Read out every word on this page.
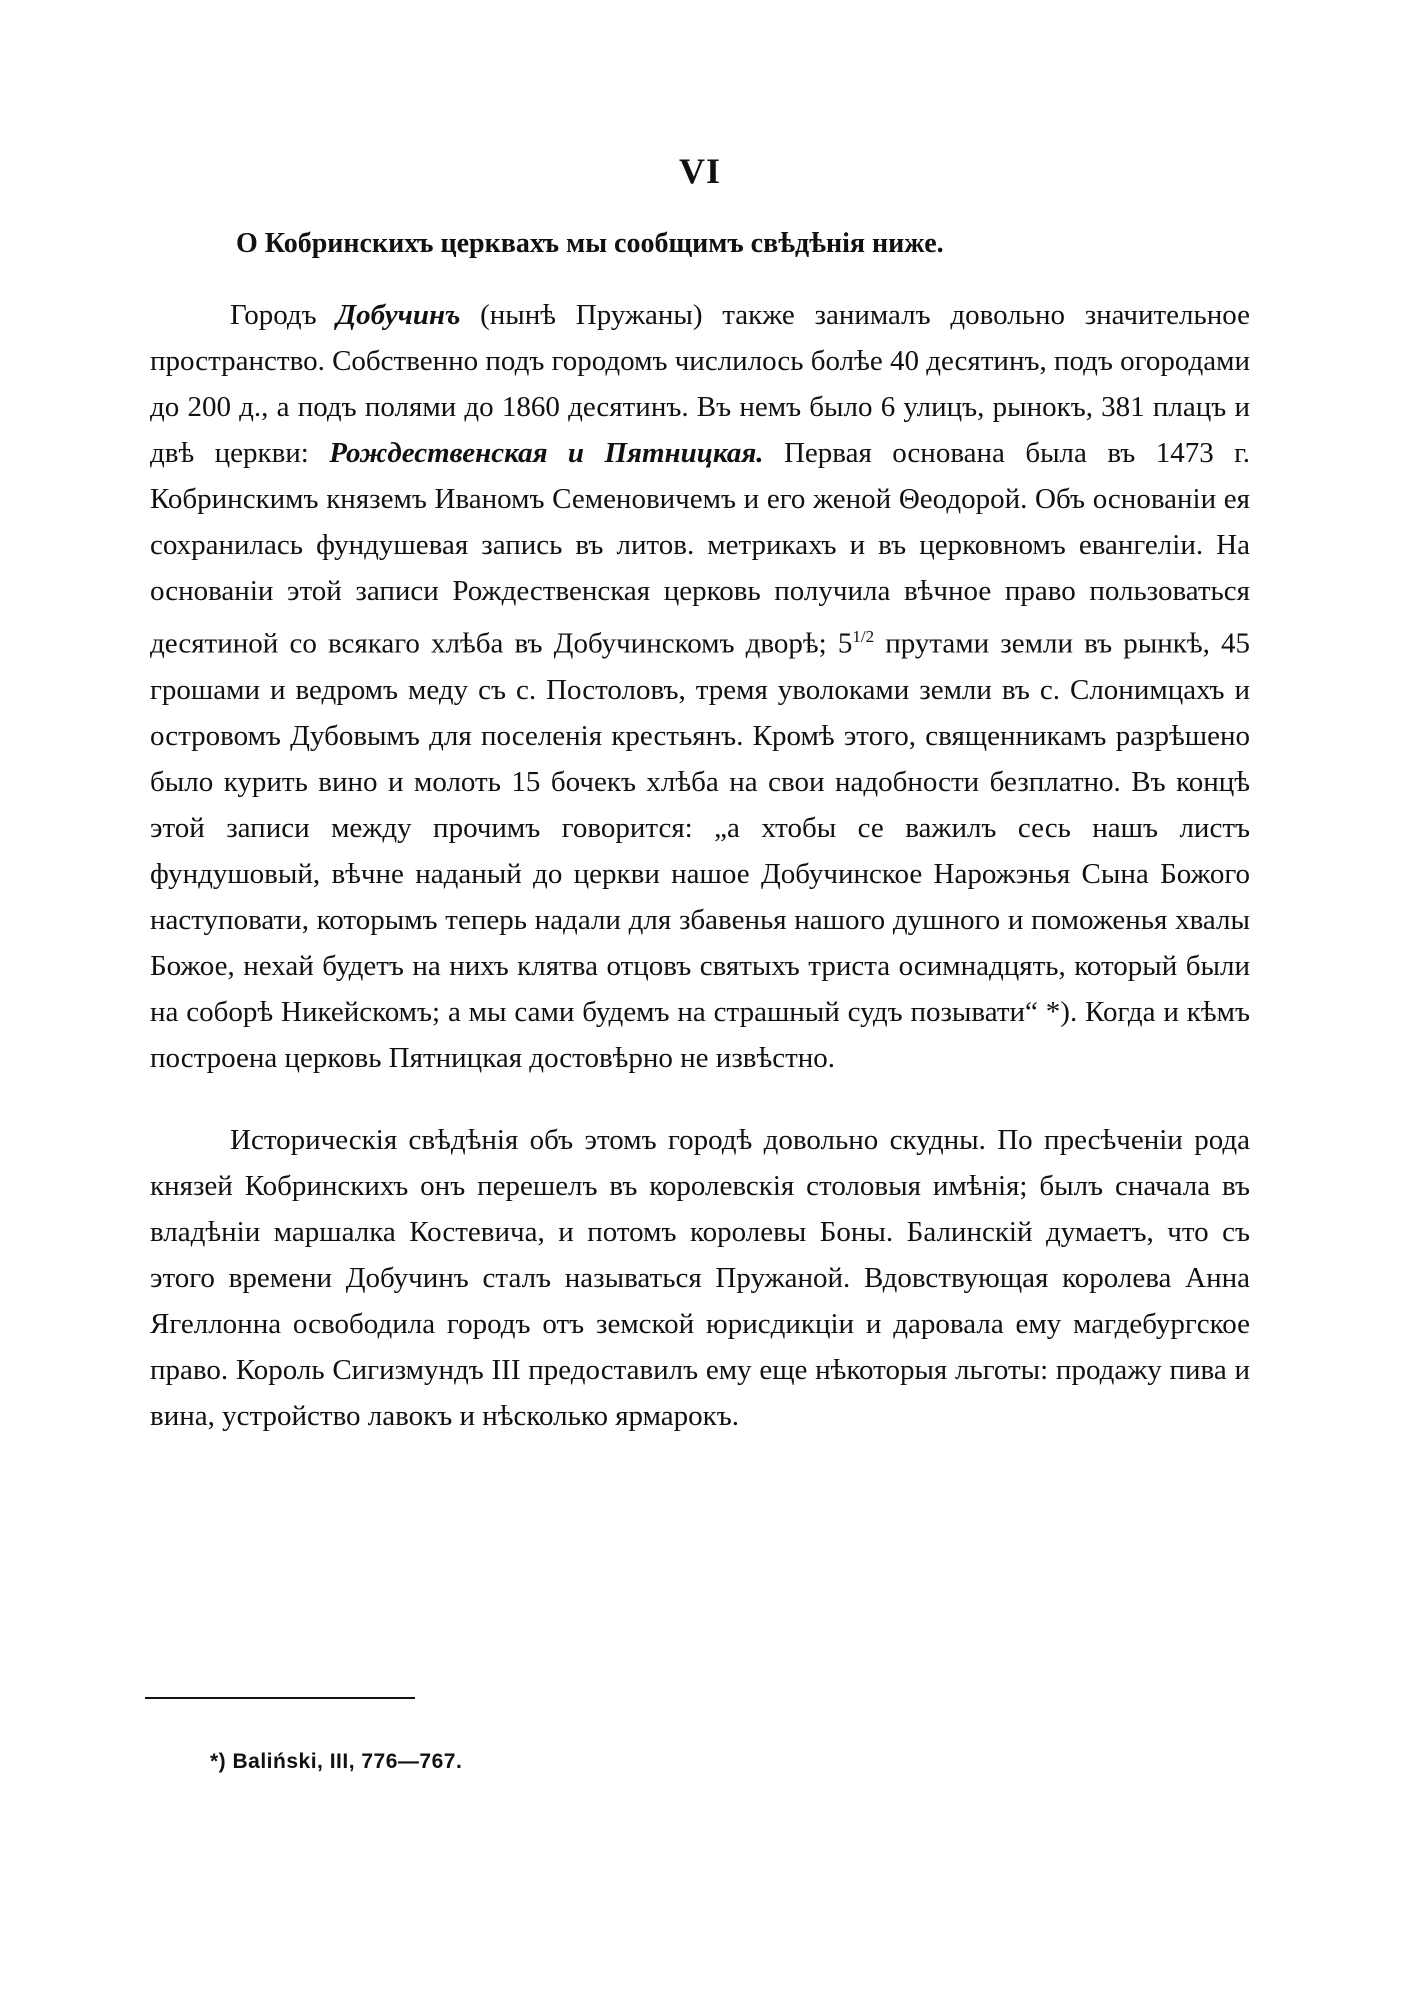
VI

О Кобринскихъ церквахъ мы сообщимъ свѣдѣнія ниже.

Городъ Добучинъ (нынѣ Пружаны) также занималъ довольно значительное пространство. Собственно подъ городомъ числилось болѣе 40 десятинъ, подъ огородами до 200 д., а подъ полями до 1860 десятинъ. Въ немъ было 6 улицъ, рынокъ, 381 плацъ и двѣ церкви: Рождественская и Пятницкая. Первая основана была въ 1473 г. Кобринскимъ княземъ Иваномъ Семеновичемъ и его женой Θеодорой. Объ основаніи ея сохранилась фундушевая запись въ литов. метрикахъ и въ церковномъ евангеліи. На основаніи этой записи Рождественская церковь получила вѣчное право пользоваться десятиной со всякаго хлѣба въ Добучинскомъ дворѣ; $5^{1/2}$ прутами земли въ рынкѣ, 45 грошами и ведромъ меду съ с. Постоловъ, тремя уволоками земли въ с. Слонимцахъ и островомъ Дубовымъ для поселенія крестьянъ. Кромѣ этого, священникамъ разрѣшено было курить вино и молоть 15 бочекъ хлѣба на свои надобности безплатно. Въ концѣ этой записи между прочимъ говорится: „а хтобы се важилъ сесь нашъ листъ фундушовый, вѣчне наданый до церкви нашое Добучинское Нарожэнья Сына Божого наступовати, которымъ теперь надали для збавенья нашого душного и поможенья хвалы Божое, нехай будетъ на нихъ клятва отцовъ святыхъ триста осимнадцять, который были на соборѣ Никейскомъ; а мы сами будемъ на страшный судъ позывати“ *). Когда и кѣмъ построена церковь Пятницкая достовѣрно не извѣстно.

Историческія свѣдѣнія объ этомъ городѣ довольно скудны. По пресѣченіи рода князей Кобринскихъ онъ перешелъ въ королевскія столовыя имѣнія; былъ сначала въ владѣніи маршалка Костевича, и потомъ королевы Боны. Балинскій думаетъ, что съ этого времени Добучинъ сталъ называться Пружаной. Вдовствующая королева Анна Ягеллонна освободила городъ отъ земской юрисдикціи и даровала ему магдебургское право. Король Сигизмундъ III предоставилъ ему еще нѣкоторыя льготы: продажу пива и вина, устройство лавокъ и нѣсколько ярмарокъ.

*) Baliński, III, 776—767.
